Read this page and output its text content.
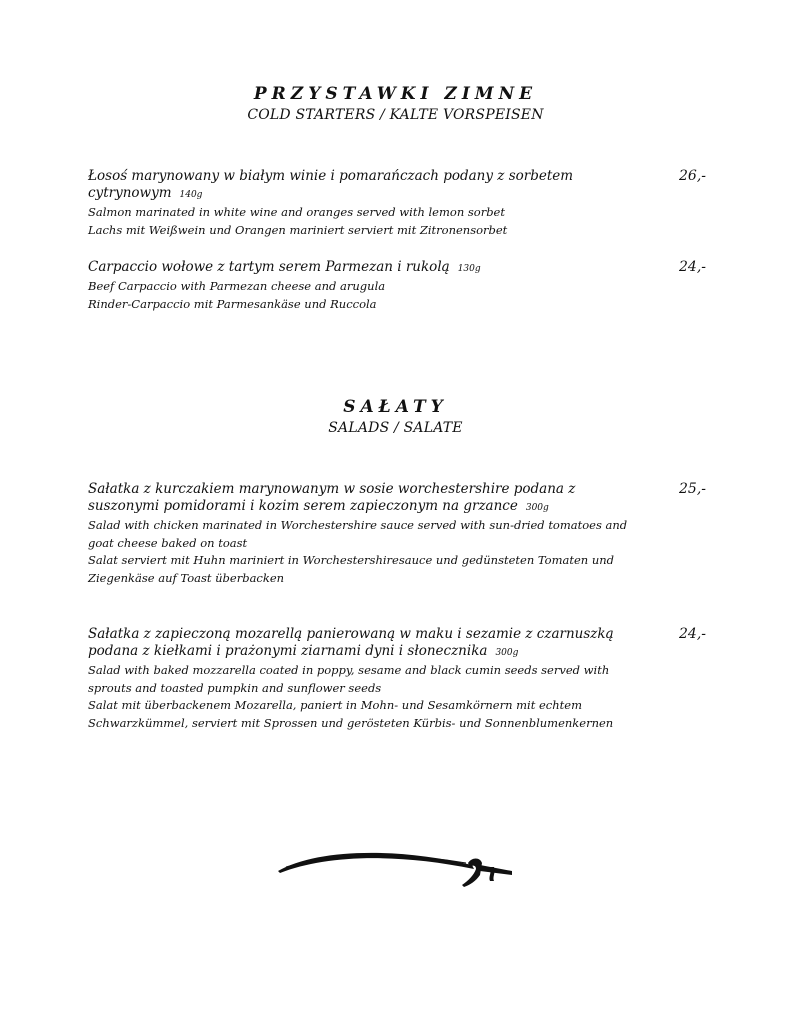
PRZYSTAWKI ZIMNE
COLD STARTERS / KALTE VORSPEISEN
Łosoś marynowany w białym winie i pomarańczach podany z sorbetem cytrynowym 140g
Salmon marinated in white wine and oranges served with lemon sorbet
Lachs mit Weißwein und Orangen mariniert serviert mit Zitronensorbet
26,-
Carpaccio wołowe z tartym serem Parmezan i rukolą 130g
Beef Carpaccio with Parmezan cheese and arugula
Rinder-Carpaccio mit Parmesankäse und Ruccola
24,-
SAŁATY
SALADS / SALATE
Sałatka z kurczakiem marynowanym w sosie worchestershire podana z suszonymi pomidorami i kozim serem zapieczonym na grzance 300g
Salad with chicken marinated in Worchestershire sauce served with sun-dried tomatoes and goat cheese baked on toast
Salat serviert mit Huhn mariniert in Worchestershiresauce und gedünsteten Tomaten und Ziegenkäse auf Toast überbacken
25,-
Sałatka z zapieczoną mozarellą panierowaną w maku i sezamie z czarnuszką podana z kiełkami i prażonymi ziarnami dyni i słonecznika 300g
Salad with baked mozzarella coated in poppy, sesame and black cumin seeds served with sprouts and toasted pumpkin and sunflower seeds
Salat mit überbackenem Mozarella, paniert in Mohn- und Sesamkörnern mit echtem Schwarzkümmel, serviert mit Sprossen und gerösteten Kürbis- und Sonnenblumenkernen
24,-
